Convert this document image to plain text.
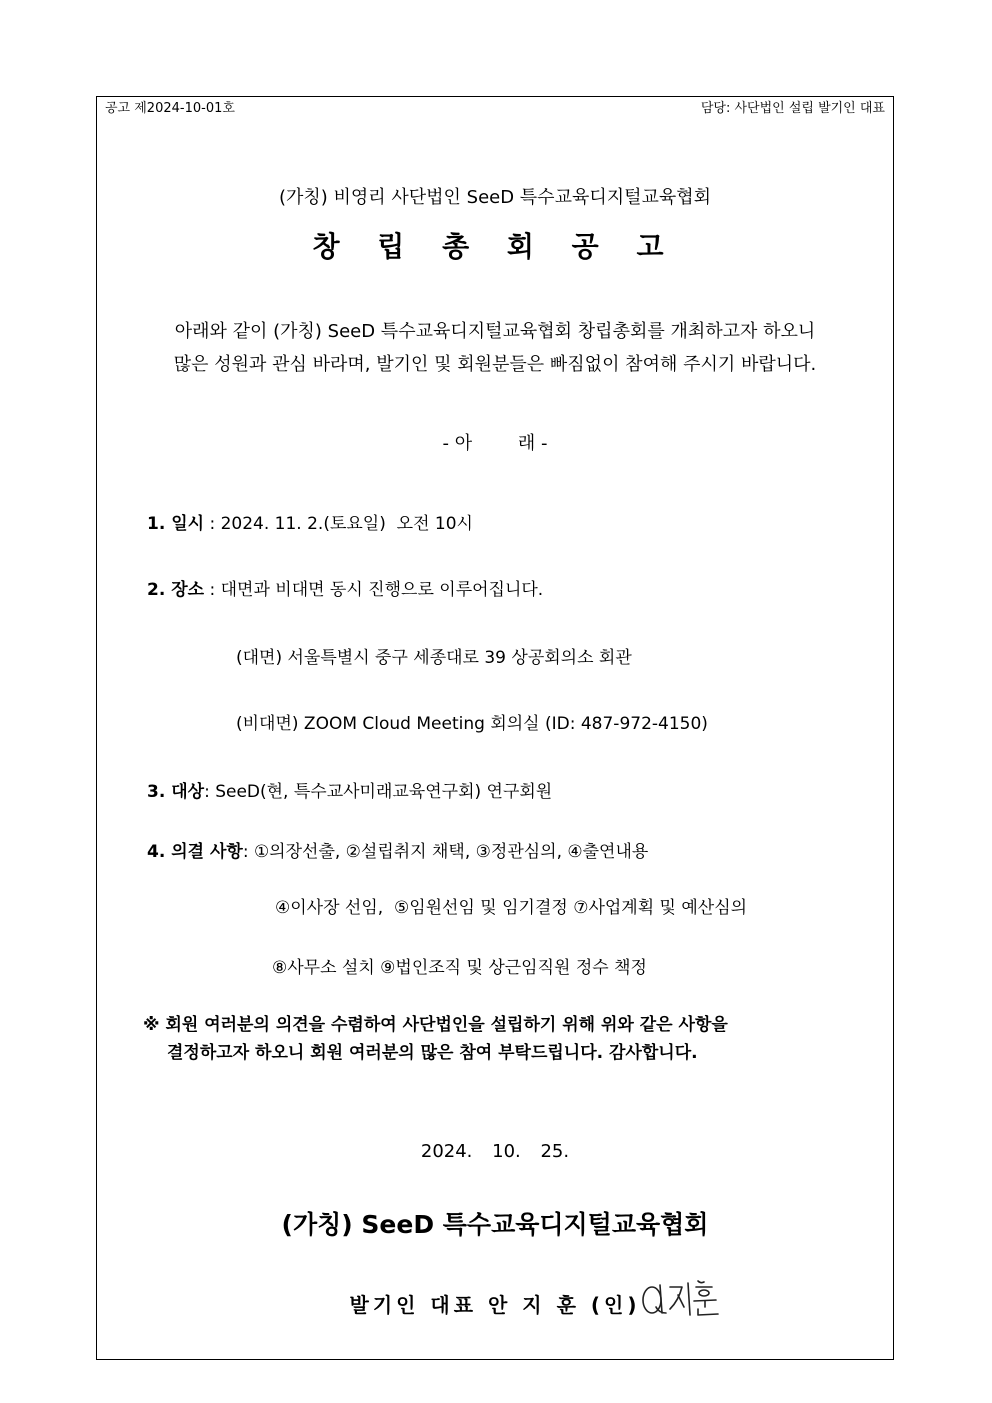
공고 제2024-10-01호	담당: 사단법인 설립 발기인 대표
(가칭) 비영리 사단법인 SeeD 특수교육디지털교육협회
창 립 총 회 공 고
아래와 같이 (가칭) SeeD 특수교육디지털교육협회 창립총회를 개최하고자 하오니
많은 성원과 관심 바라며, 발기인 및 회원분들은 빠짐없이 참여해 주시기 바랍니다.
- 아        래 -
1. 일시 : 2024. 11. 2.(토요일)  오전 10시
2. 장소 : 대면과 비대면 동시 진행으로 이루어집니다.
(대면) 서울특별시 중구 세종대로 39 상공회의소 회관
(비대면) ZOOM Cloud Meeting 회의실 (ID: 487-972-4150)
3. 대상: SeeD(현, 특수교사미래교육연구회) 연구회원
4. 의결 사항: ①의장선출, ②설립취지 채택, ③정관심의, ④출연내용
④이사장 선임,  ⑤임원선임 및 임기결정 ⑦사업계획 및 예산심의
⑧사무소 설치 ⑨법인조직 및 상근임직원 정수 책정
※ 회원 여러분의 의견을 수렴하여 사단법인을 설립하기 위해 위와 같은 사항을
결정하고자 하오니 회원 여러분의 많은 참여 부탁드립니다. 감사합니다.
2024. 10. 25.
(가칭) SeeD 특수교육디지털교육협회
발기인 대표 안 지 훈 (인)
